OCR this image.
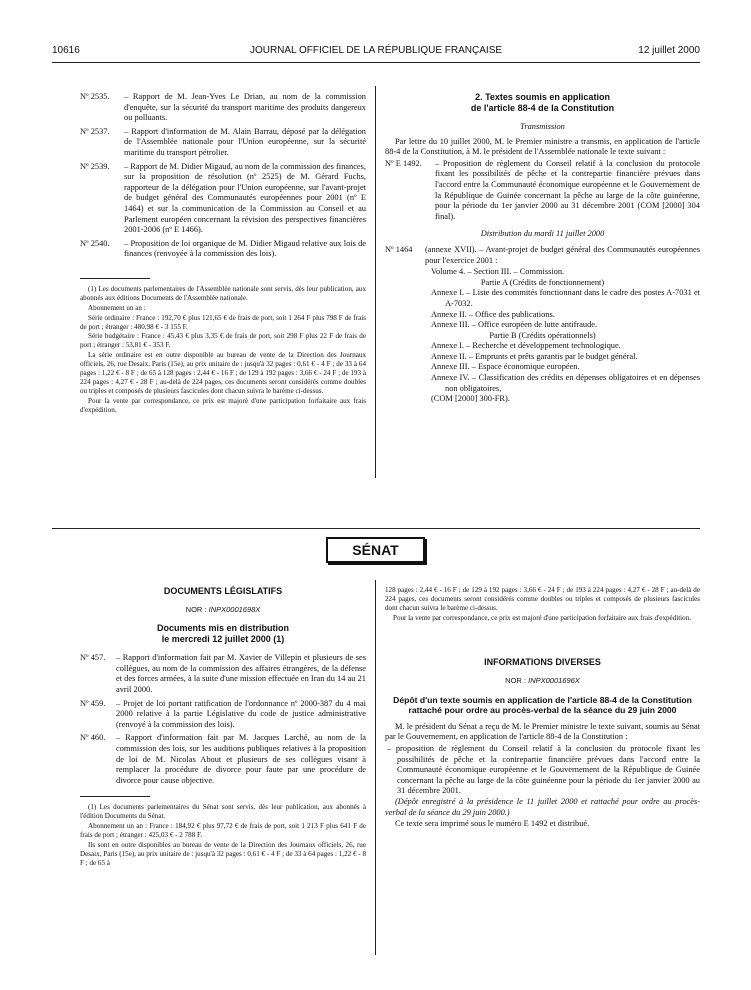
10616	JOURNAL OFFICIEL DE LA RÉPUBLIQUE FRANÇAISE	12 juillet 2000
Nº 2535.	– Rapport de M. Jean-Yves Le Drian, au nom de la commission d'enquête, sur la sécurité du transport maritime des produits dangereux ou polluants.
Nº 2537.	– Rapport d'information de M. Alain Barrau, déposé par la délégation de l'Assemblée nationale pour l'Union européenne, sur la sécurité maritime du transport pétrolier.
Nº 2539.	– Rapport de M. Didier Migaud, au nom de la commission des finances, sur la proposition de résolution (nº 2525) de M. Gérard Fuchs, rapporteur de la délégation pour l'Union européenne, sur l'avant-projet de budget général des Communautés européennes pour 2001 (nº E 1464) et sur la communication de la Commission au Conseil et au Parlement européen concernant la révision des perspectives financières 2001-2006 (nº E 1466).
Nº 2540.	– Proposition de loi organique de M. Didier Migaud relative aux lois de finances (renvoyée à la commission des lois).

(1) Les documents parlementaires de l'Assemblée nationale sont servis, dès leur publication, aux abonnés aux éditions Documents de l'Assemblée nationale.

Abonnement un an :

Série ordinaire : France : 192,70 € plus 121,65 € de frais de port, soit 1 264 F plus 798 F de frais de port ; étranger : 480,98 € - 3 155 F.

Série budgétaire : France : 45,43 € plus 3,35 € de frais de port, soit 298 F plus 22 F de frais de port ; étranger : 53,81 € - 353 F.

La série ordinaire est en outre disponible au bureau de vente de la Direction des Journaux officiels, 26, rue Desaix, Paris (15e), au prix unitaire de : jusqu'à 32 pages : 0,61 € - 4 F ; de 33 à 64 pages : 1,22 € - 8 F ; de 65 à 128 pages : 2,44 € - 16 F ; de 129 à 192 pages : 3,66 € - 24 F ; de 193 à 224 pages : 4,27 € - 28 F ; au-delà de 224 pages, ces documents seront considérés comme doubles ou triples et composés de plusieurs fascicules dont chacun suivra le barème ci-dessus.

Pour la vente par correspondance, ce prix est majoré d'une participation forfaitaire aux frais d'expédition.

2. Textes soumis en application
de l'article 88-4 de la Constitution
Transmission

Par lettre du 10 juillet 2000, M. le Premier ministre a transmis, en application de l'article 88-4 de la Constitution, à M. le président de l'Assemblée nationale le texte suivant :

Nº E 1492.	– Proposition de règlement du Conseil relatif à la conclusion du protocole fixant les possibilités de pêche et la contrepartie financière prévues dans l'accord entre la Communauté économique européenne et le Gouvernement de la République de Guinée concernant la pêche au large de la côte guinéenne, pour la période du 1er janvier 2000 au 31 décembre 2001 (COM [2000] 304 final).
Distribution du mardi 11 juillet 2000
Nº 1464	(annexe XVII). – Avant-projet de budget général des Communautés européennes pour l'exercice 2001 :
Volume 4. – Section III. – Commission.
Partie A (Crédits de fonctionnement)
Annexe I. – Liste des commités fonctionnant dans le cadre des postes A-7031 et A-7032.
Annexe II. – Office des publications.
Annexe III. – Office européen de lutte antifraude.
Partie B (Crédits opérationnels)
Annexe I. – Recherche et développement technologique.
Annexe II. – Emprunts et prêts garantis par le budget général.
Annexe III. – Espace économique européen.
Annexe IV. – Classification des crédits en dépenses obligatoires et en dépenses non obligatoires,
(COM [2000] 300-FR).
SÉNAT
DOCUMENTS LÉGISLATIFS
NOR : INPX0001698X
Documents mis en distribution
le mercredi 12 juillet 2000 (1)
Nº 457.	– Rapport d'information fait par M. Xavier de Villepin et plusieurs de ses collègues, au nom de la commission des affaires étrangères, de la défense et des forces armées, à la suite d'une mission effectuée en Iran du 14 au 21 avril 2000.
Nº 459.	– Projet de loi portant ratification de l'ordonnance nº 2000-387 du 4 mai 2000 relative à la partie Législative du code de justice administrative (renvoyé à la commission des lois).
Nº 460.	– Rapport d'information fait par M. Jacques Larché, au nom de la commission des lois, sur les auditions publiques relatives à la proposition de loi de M. Nicolas About et plusieurs de ses collègues visant à remplacer la procédure de divorce pour faute par une procédure de divorce pour cause objective.

(1) Les documents parlementaires du Sénat sont servis, dès leur publication, aux abonnés à l'édition Documents du Sénat.

Abonnement un an : France : 184,92 € plus 97,72 € de frais de port, soit 1 213 F plus 641 F de frais de port ; étranger : 425,03 € - 2 788 F.

Ils sont en outre disponibles au bureau de vente de la Direction des Journaux officiels, 26, rue Desaix, Paris (15e), au prix unitaire de : jusqu'à 32 pages : 0,61 € - 4 F ; de 33 à 64 pages : 1,22 € - 8 F ; de 65 à

128 pages : 2,44 € - 16 F ; de 129 à 192 pages : 3,66 € - 24 F ; de 193 à 224 pages : 4,27 € - 28 F ; au-delà de 224 pages, ces documents seront considérés comme doubles ou triples et composés de plusieurs fascicules dont chacun suivra le barème ci-dessus.

Pour la vente par correspondance, ce prix est majoré d'une participation forfaitaire aux frais d'expédition.

INFORMATIONS DIVERSES
NOR : INPX0001696X
Dépôt d'un texte soumis en application de l'article 88-4 de la Constitution rattaché pour ordre au procès-verbal de la séance du 29 juin 2000

M. le président du Sénat a reçu de M. le Premier ministre le texte suivant, soumis au Sénat par le Gouvernement, en application de l'article 88-4 de la Constitution :

– proposition de règlement du Conseil relatif à la conclusion du protocole fixant les possibilités de pêche et la contrepartie financière prévues dans l'accord entre la Communauté économique européenne et le Gouvernement de la République de Guinée concernant la pêche au large de la côte guinéenne pour la période du 1er janvier 2000 au 31 décembre 2001.

(Dépôt enregistré à la présidence le 11 juillet 2000 et rattaché pour ordre au procès-verbal de la séance du 29 juin 2000.)

Ce texte sera imprimé sous le numéro E 1492 et distribué.
